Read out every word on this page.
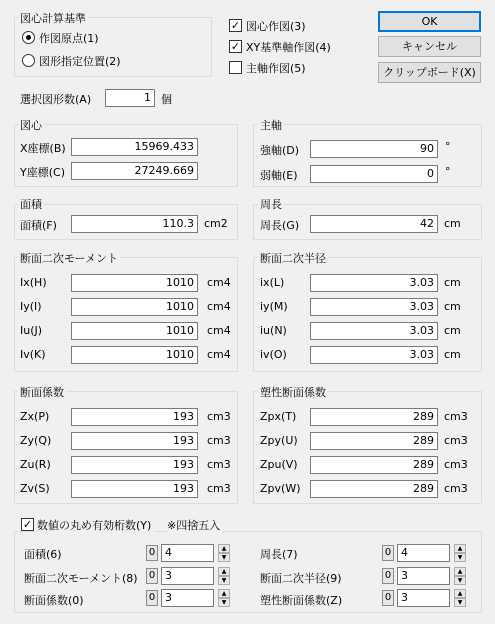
図心計算基準
作図原点(1)
図形指定位置(2)
✓ 図心作図(3)
✓ XY基準軸作図(4)
主軸作図(5)
OK
キャンセル
クリップボード(X)
選択図形数(A)	1 個
図心
X座標(B)	15969.433
Y座標(C)	27249.669
主軸
強軸(D)	90	°
弱軸(E)	0	°
面積
面積(F)	110.3 cm2
周長
周長(G)	42 cm
断面二次モーメント
Ix(H)	1010	cm4
Iy(I)	1010	cm4
Iu(J)	1010	cm4
Iv(K)	1010	cm4
断面二次半径
ix(L)	3.03 cm
iy(M)	3.03 cm
iu(N)	3.03 cm
iv(O)	3.03 cm
断面係数
Zx(P)	193	cm3
Zy(Q)	193	cm3
Zu(R)	193	cm3
Zv(S)	193	cm3
塑性断面係数
Zpx(T)	289 cm3
Zpy(U)	289 cm3
Zpu(V)	289 cm3
Zpv(W)	289 cm3
✓ 数値の丸め有効桁数(Y)	※四捨五入
面積(6)	0 4	▲
▼
断面二次モーメント(8) 0 3	▲
▼
断面係数(0)	0 3	▲
▼
周長(7)	0 4	▲
▼
断面二次半径(9)	0 3	▲
▼
塑性断面係数(Z)	0 3	▲
▼
